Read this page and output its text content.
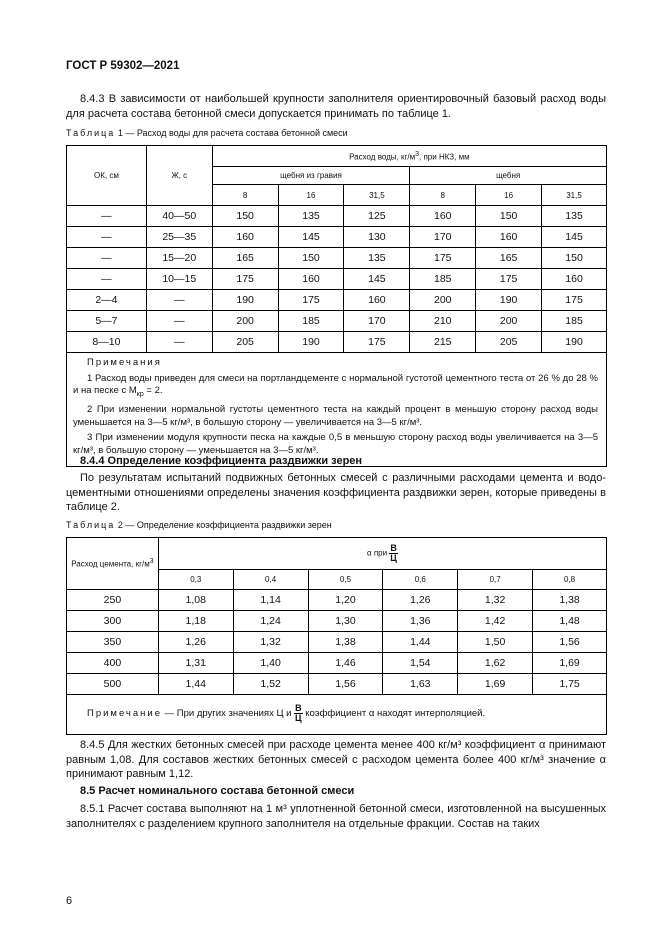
ГОСТ Р 59302—2021

8.4.3 В зависимости от наибольшей крупности заполнителя ориентировочный базовый расход воды для расчета состава бетонной смеси допускается принимать по таблице 1.

Таблица 1 — Расход воды для расчета состава бетонной смеси
ОК, см	Ж, с	Расход воды, $кг/м^3$, при НКЗ, мм					
		щебня из гравия			щебня		
		8	16	31,5	8	16	31,5
—	40—50	150	135	125	160	150	135
—	25—35	160	145	130	170	160	145
—	15—20	165	150	135	175	165	150
—	10—15	175	160	145	185	175	160
2—4	—	190	175	160	200	190	175
5—7	—	200	185	170	210	200	185
8—10	—	205	190	175	215	205	190

Примечания

1 Расход воды приведен для смеси на портландцементе с нормальной густотой цементного теста от 26 % до 28 % и на песке с $М_{кр} = 2$.

2 При изменении нормальной густоты цементного теста на каждый процент в меньшую сторону расход воды уменьшается на 3—5 кг/м³, в большую сторону — увеличивается на 3—5 кг/м³.

3 При изменении модуля крупности песка на каждые 0,5 в меньшую сторону расход воды увеличивается на 3—5 кг/м³, в большую сторону — уменьшается на 3—5 кг/м³.							

8.4.4 Определение коэффициента раздвижки зерен

По результатам испытаний подвижных бетонных смесей с различными расходами цемента и водо-цементными отношениями определены значения коэффициента раздвижки зерен, которые приведены в таблице 2.

Таблица 2 — Определение коэффициента раздвижки зерен
Расход цемента, $кг/м^3$	α при $\frac{В}{Ц}$

	0,3	0,4	0,5	0,6	0,7	0,8
250	1,08	1,14	1,20	1,26	1,32	1,38
300	1,18	1,24	1,30	1,36	1,42	1,48
350	1,26	1,32	1,38	1,44	1,50	1,56
400	1,31	1,40	1,46	1,54	1,62	1,69
500	1,44	1,52	1,56	1,63	1,69	1,75
Примечание — При других значениях Ц и $\frac{В}{Ц}$ коэффициент α находят интерполяцией.						

8.4.5 Для жестких бетонных смесей при расходе цемента менее 400 кг/м³ коэффициент α принимают равным 1,08. Для составов жестких бетонных смесей с расходом цемента более 400 кг/м³ значение α принимают равным 1,12.

8.5 Расчет номинального состава бетонной смеси

8.5.1 Расчет состава выполняют на 1 м³ уплотненной бетонной смеси, изготовленной на высушенных заполнителях с разделением крупного заполнителя на отдельные фракции. Состав на таких

6
